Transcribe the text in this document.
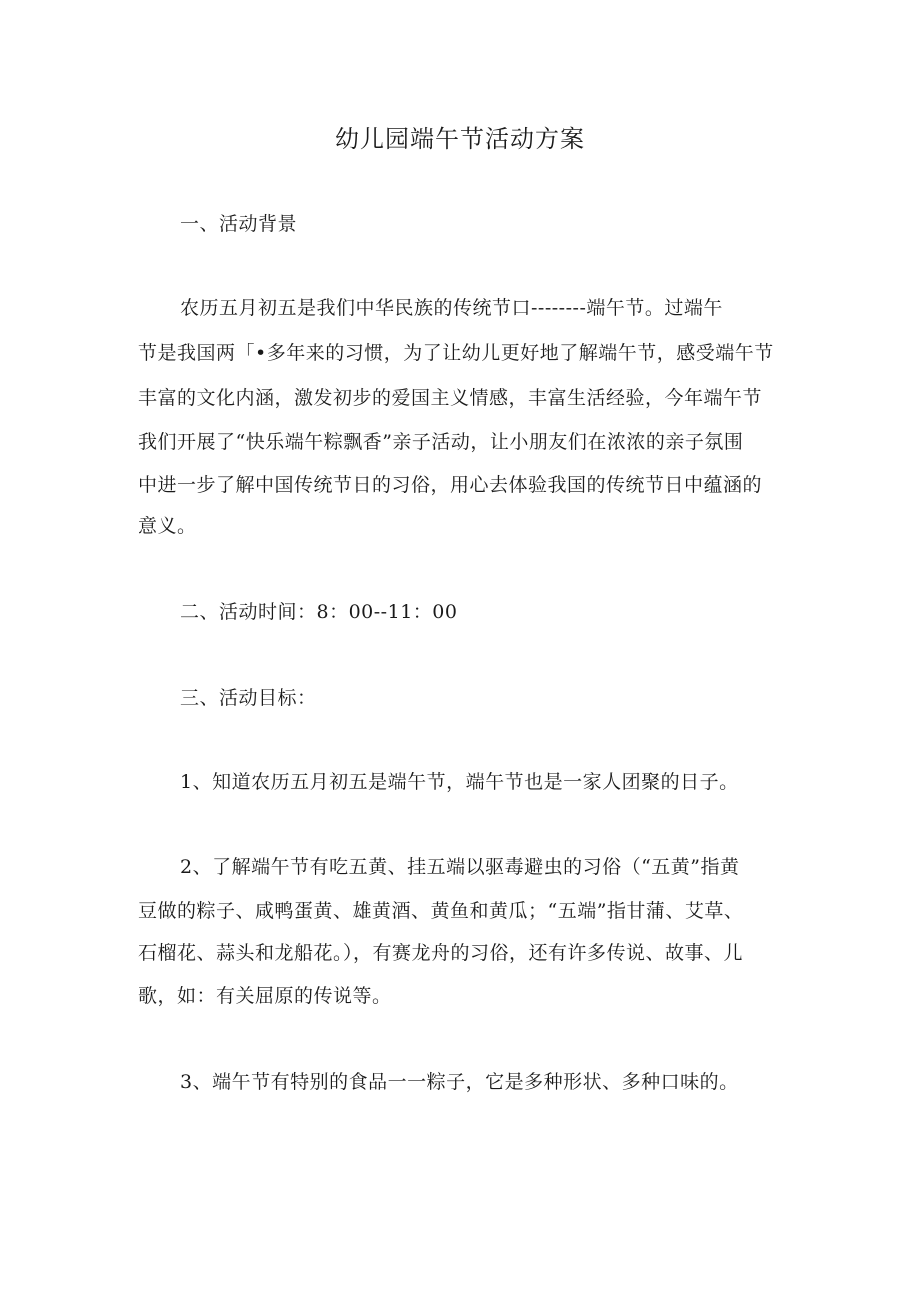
幼儿园端午节活动方案
一、活动背景
农历五月初五是我们中华民族的传统节口--------端午节。过端午
节是我国两「•多年来的习惯，为了让幼儿更好地了解端午节，感受端午节
丰富的文化内涵，激发初步的爱国主义情感，丰富生活经验，今年端午节
我们开展了“快乐端午粽飘香”亲子活动，让小朋友们在浓浓的亲子氛围
中进一步了解中国传统节日的习俗，用心去体验我国的传统节日中蕴涵的
意义。
二、活动时间：8：00--11：00
三、活动目标：
1、知道农历五月初五是端午节，端午节也是一家人团聚的日子。
2、了解端午节有吃五黄、挂五端以驱毒避虫的习俗（“五黄”指黄
豆做的粽子、咸鸭蛋黄、雄黄酒、黄鱼和黄瓜；“五端”指甘蒲、艾草、
石榴花、蒜头和龙船花。），有赛龙舟的习俗，还有许多传说、故事、儿
歌，如：有关屈原的传说等。
3、端午节有特别的食品一一粽子，它是多种形状、多种口味的。
